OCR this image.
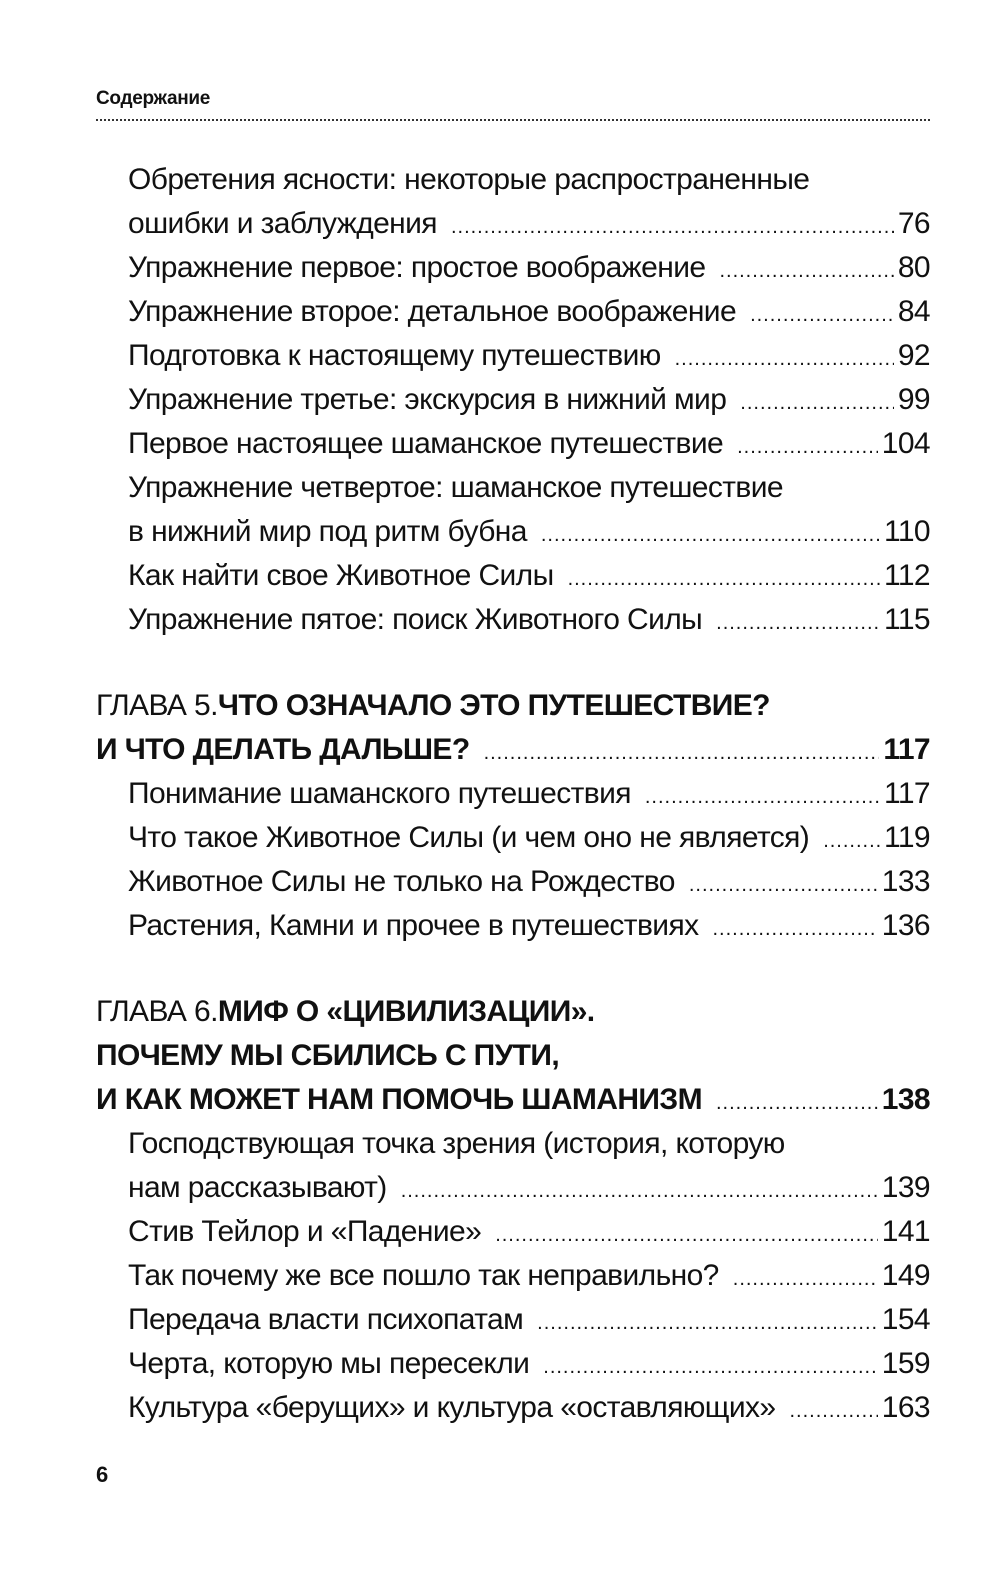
Содержание
Обретения ясности: некоторые распространенные
ошибки и заблуждения .....	76
Упражнение первое: простое воображение .....	80
Упражнение второе: детальное воображение .....	84
Подготовка к настоящему путешествию .....	92
Упражнение третье: экскурсия в нижний мир .....	99
Первое настоящее шаманское путешествие .....	104
Упражнение четвертое: шаманское путешествие
в нижний мир под ритм бубна .....	110
Как найти свое Животное Силы .....	112
Упражнение пятое: поиск Животного Силы .....	115
ГЛАВА 5. ЧТО ОЗНАЧАЛО ЭТО ПУТЕШЕСТВИЕ?
И ЧТО ДЕЛАТЬ ДАЛЬШЕ? .....	117
Понимание шаманского путешествия .....	117
Что такое Животное Силы (и чем оно не является) ..... 119
Животное Силы не только на Рождество .....	133
Растения, Камни и прочее в путешествиях .....	136
ГЛАВА 6. МИФ О «ЦИВИЛИЗАЦИИ».
ПОЧЕМУ МЫ СБИЛИСЬ С ПУТИ,
И КАК МОЖЕТ НАМ ПОМОЧЬ ШАМАНИЗМ .....	138
Господствующая точка зрения (история, которую
нам рассказывают) .....	139
Стив Тейлор и «Падение» .....	141
Так почему же все пошло так неправильно? .....	149
Передача власти психопатам .....	154
Черта, которую мы пересекли .....	159
Культура «берущих» и культура «оставляющих» .....	163
6
